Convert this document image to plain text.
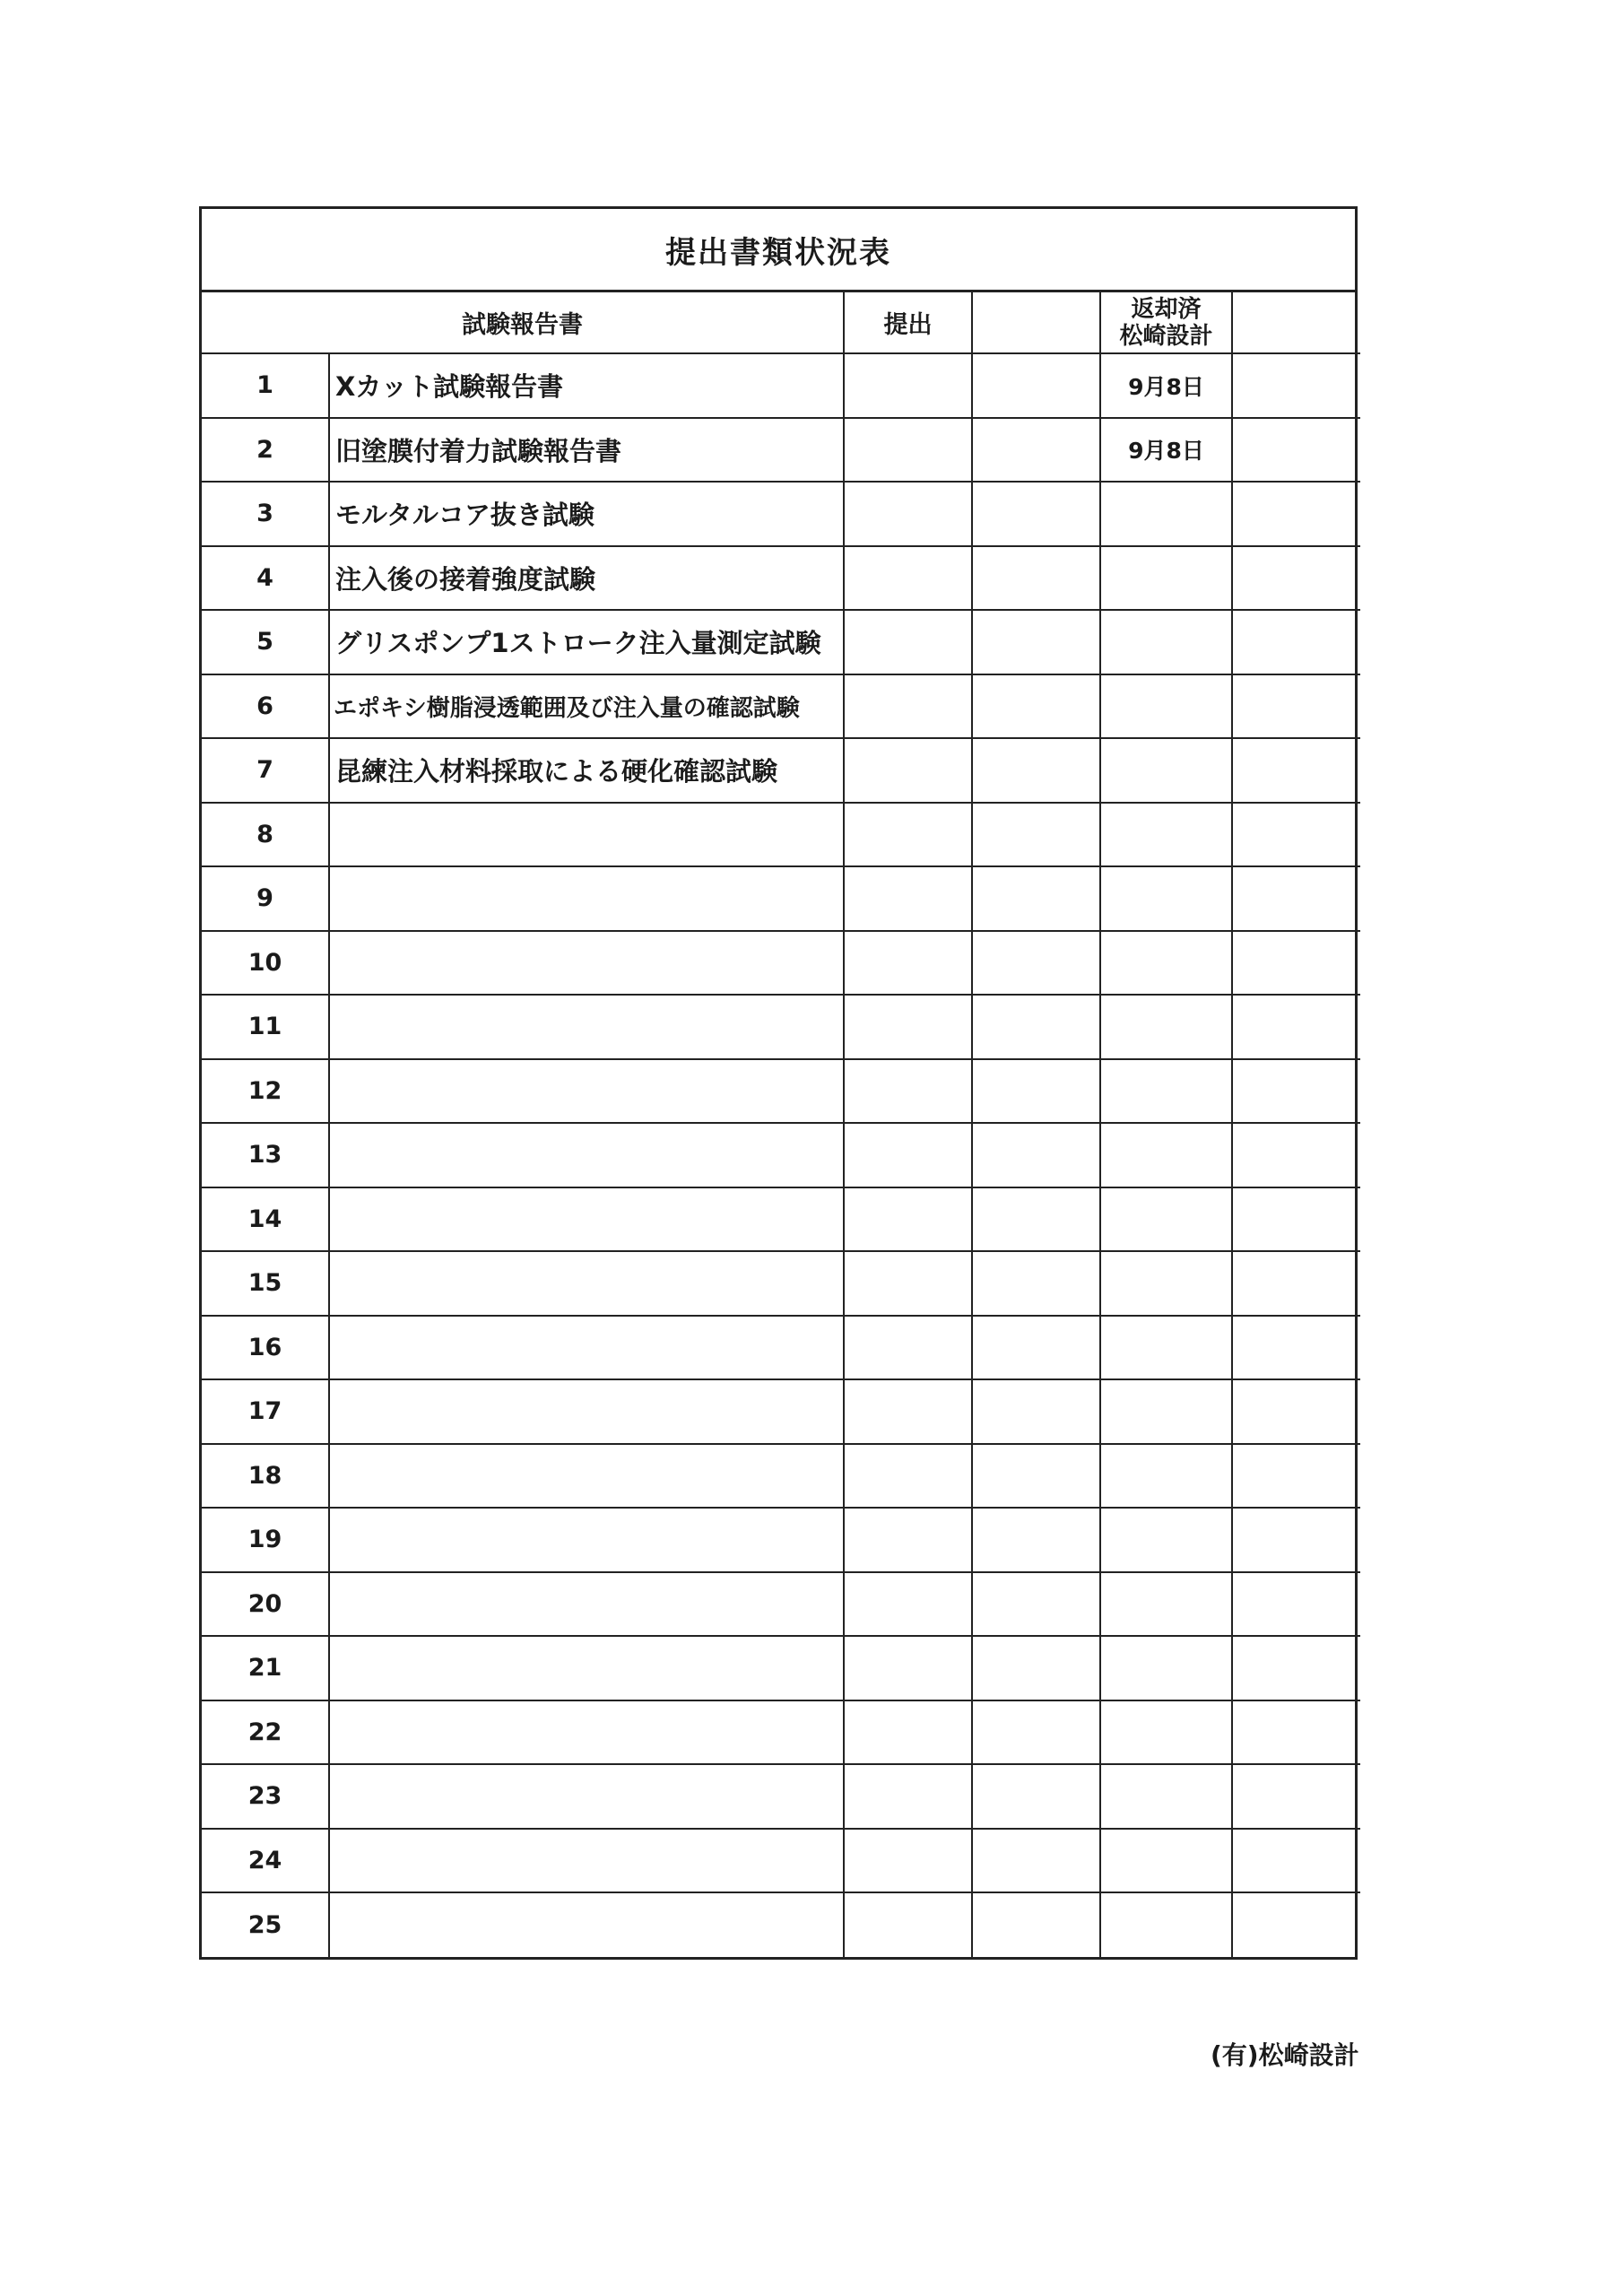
提出書類状況表
試験報告書		提出		返却済
松崎設計	

1	Xカット試験報告書			9月8日	
2	旧塗膜付着力試験報告書			9月8日	
3	モルタルコア抜き試験				
4	注入後の接着強度試験				
5	グリスポンプ1ストローク注入量測定試験				
6	エポキシ樹脂浸透範囲及び注入量の確認試験				
7	昆練注入材料採取による硬化確認試験				
8					
9					
10					
11					
12					
13					
14					
15					
16					
17					
18					
19					
20					
21					
22					
23					
24					
25					
(有)松崎設計
